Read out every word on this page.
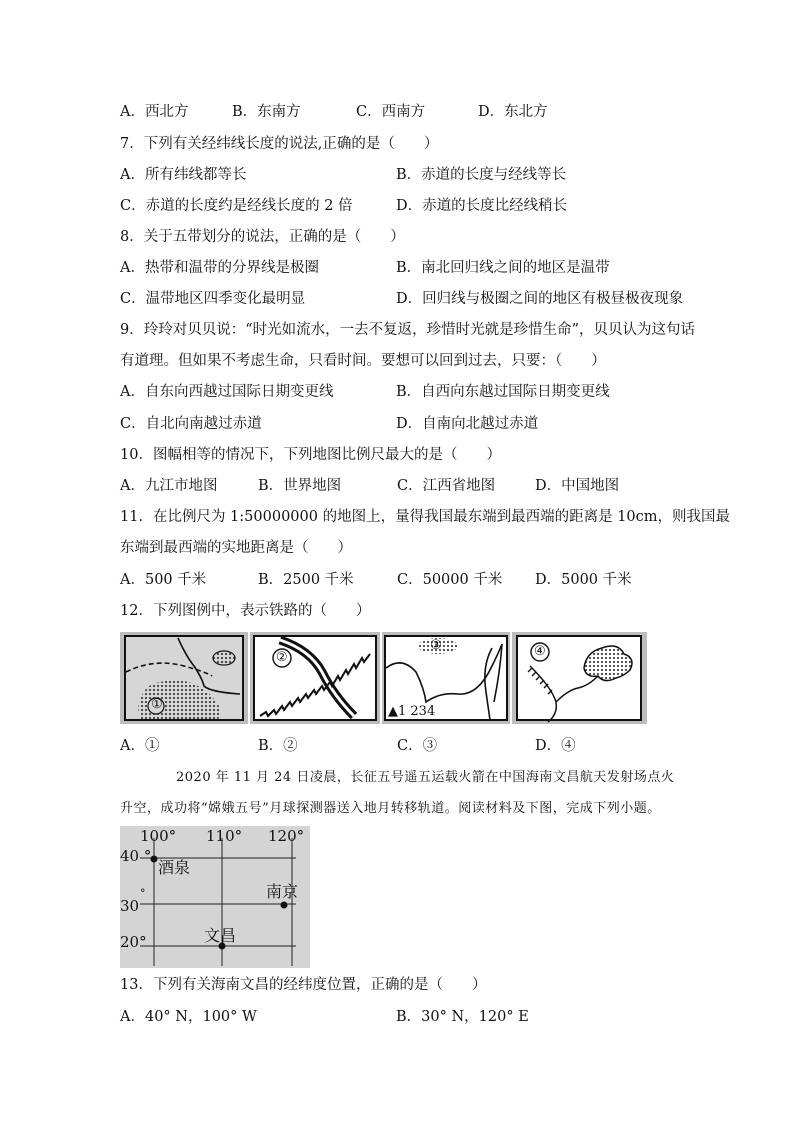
A．西北方	B．东南方	C．西南方	D．东北方
7．下列有关经纬线长度的说法,正确的是（　　）
A．所有纬线都等长	B．赤道的长度与经线等长
C．赤道的长度约是经线长度的 2 倍	D．赤道的长度比经线稍长
8．关于五带划分的说法，正确的是（　　）
A．热带和温带的分界线是极圈	B．南北回归线之间的地区是温带
C．温带地区四季变化最明显	D．回归线与极圈之间的地区有极昼极夜现象
9．玲玲对贝贝说：“时光如流水，一去不复返，珍惜时光就是珍惜生命”，贝贝认为这句话
有道理。但如果不考虑生命，只看时间。要想可以回到过去，只要：（　　）
A．自东向西越过国际日期变更线	B．自西向东越过国际日期变更线
C．自北向南越过赤道	D．自南向北越过赤道
10．图幅相等的情况下，下列地图比例尺最大的是（　　）
A．九江市地图	B．世界地图	C．江西省地图	D．中国地图
11．在比例尺为 1:50000000 的地图上，量得我国最东端到最西端的距离是 10cm，则我国最
东端到最西端的实地距离是（　　）
A．500 千米	B．2500 千米	C．50000 千米 D．5000 千米
12．下列图例中，表示铁路的（　　）
①
②
③
▲1 234
④
A．①	B．②	C．③	D．④
2020 年 11 月 24 日凌晨，长征五号遥五运载火箭在中国海南文昌航天发射场点火
升空，成功将“嫦娥五号”月球探测器送入地月转移轨道。阅读材料及下图，完成下列小题。
100° 110° 120°
40 °
°
30
20°
酒泉
南京
文昌
13．下列有关海南文昌的经纬度位置，正确的是（　　）
A．40° N，100° W	B．30° N，120° E
